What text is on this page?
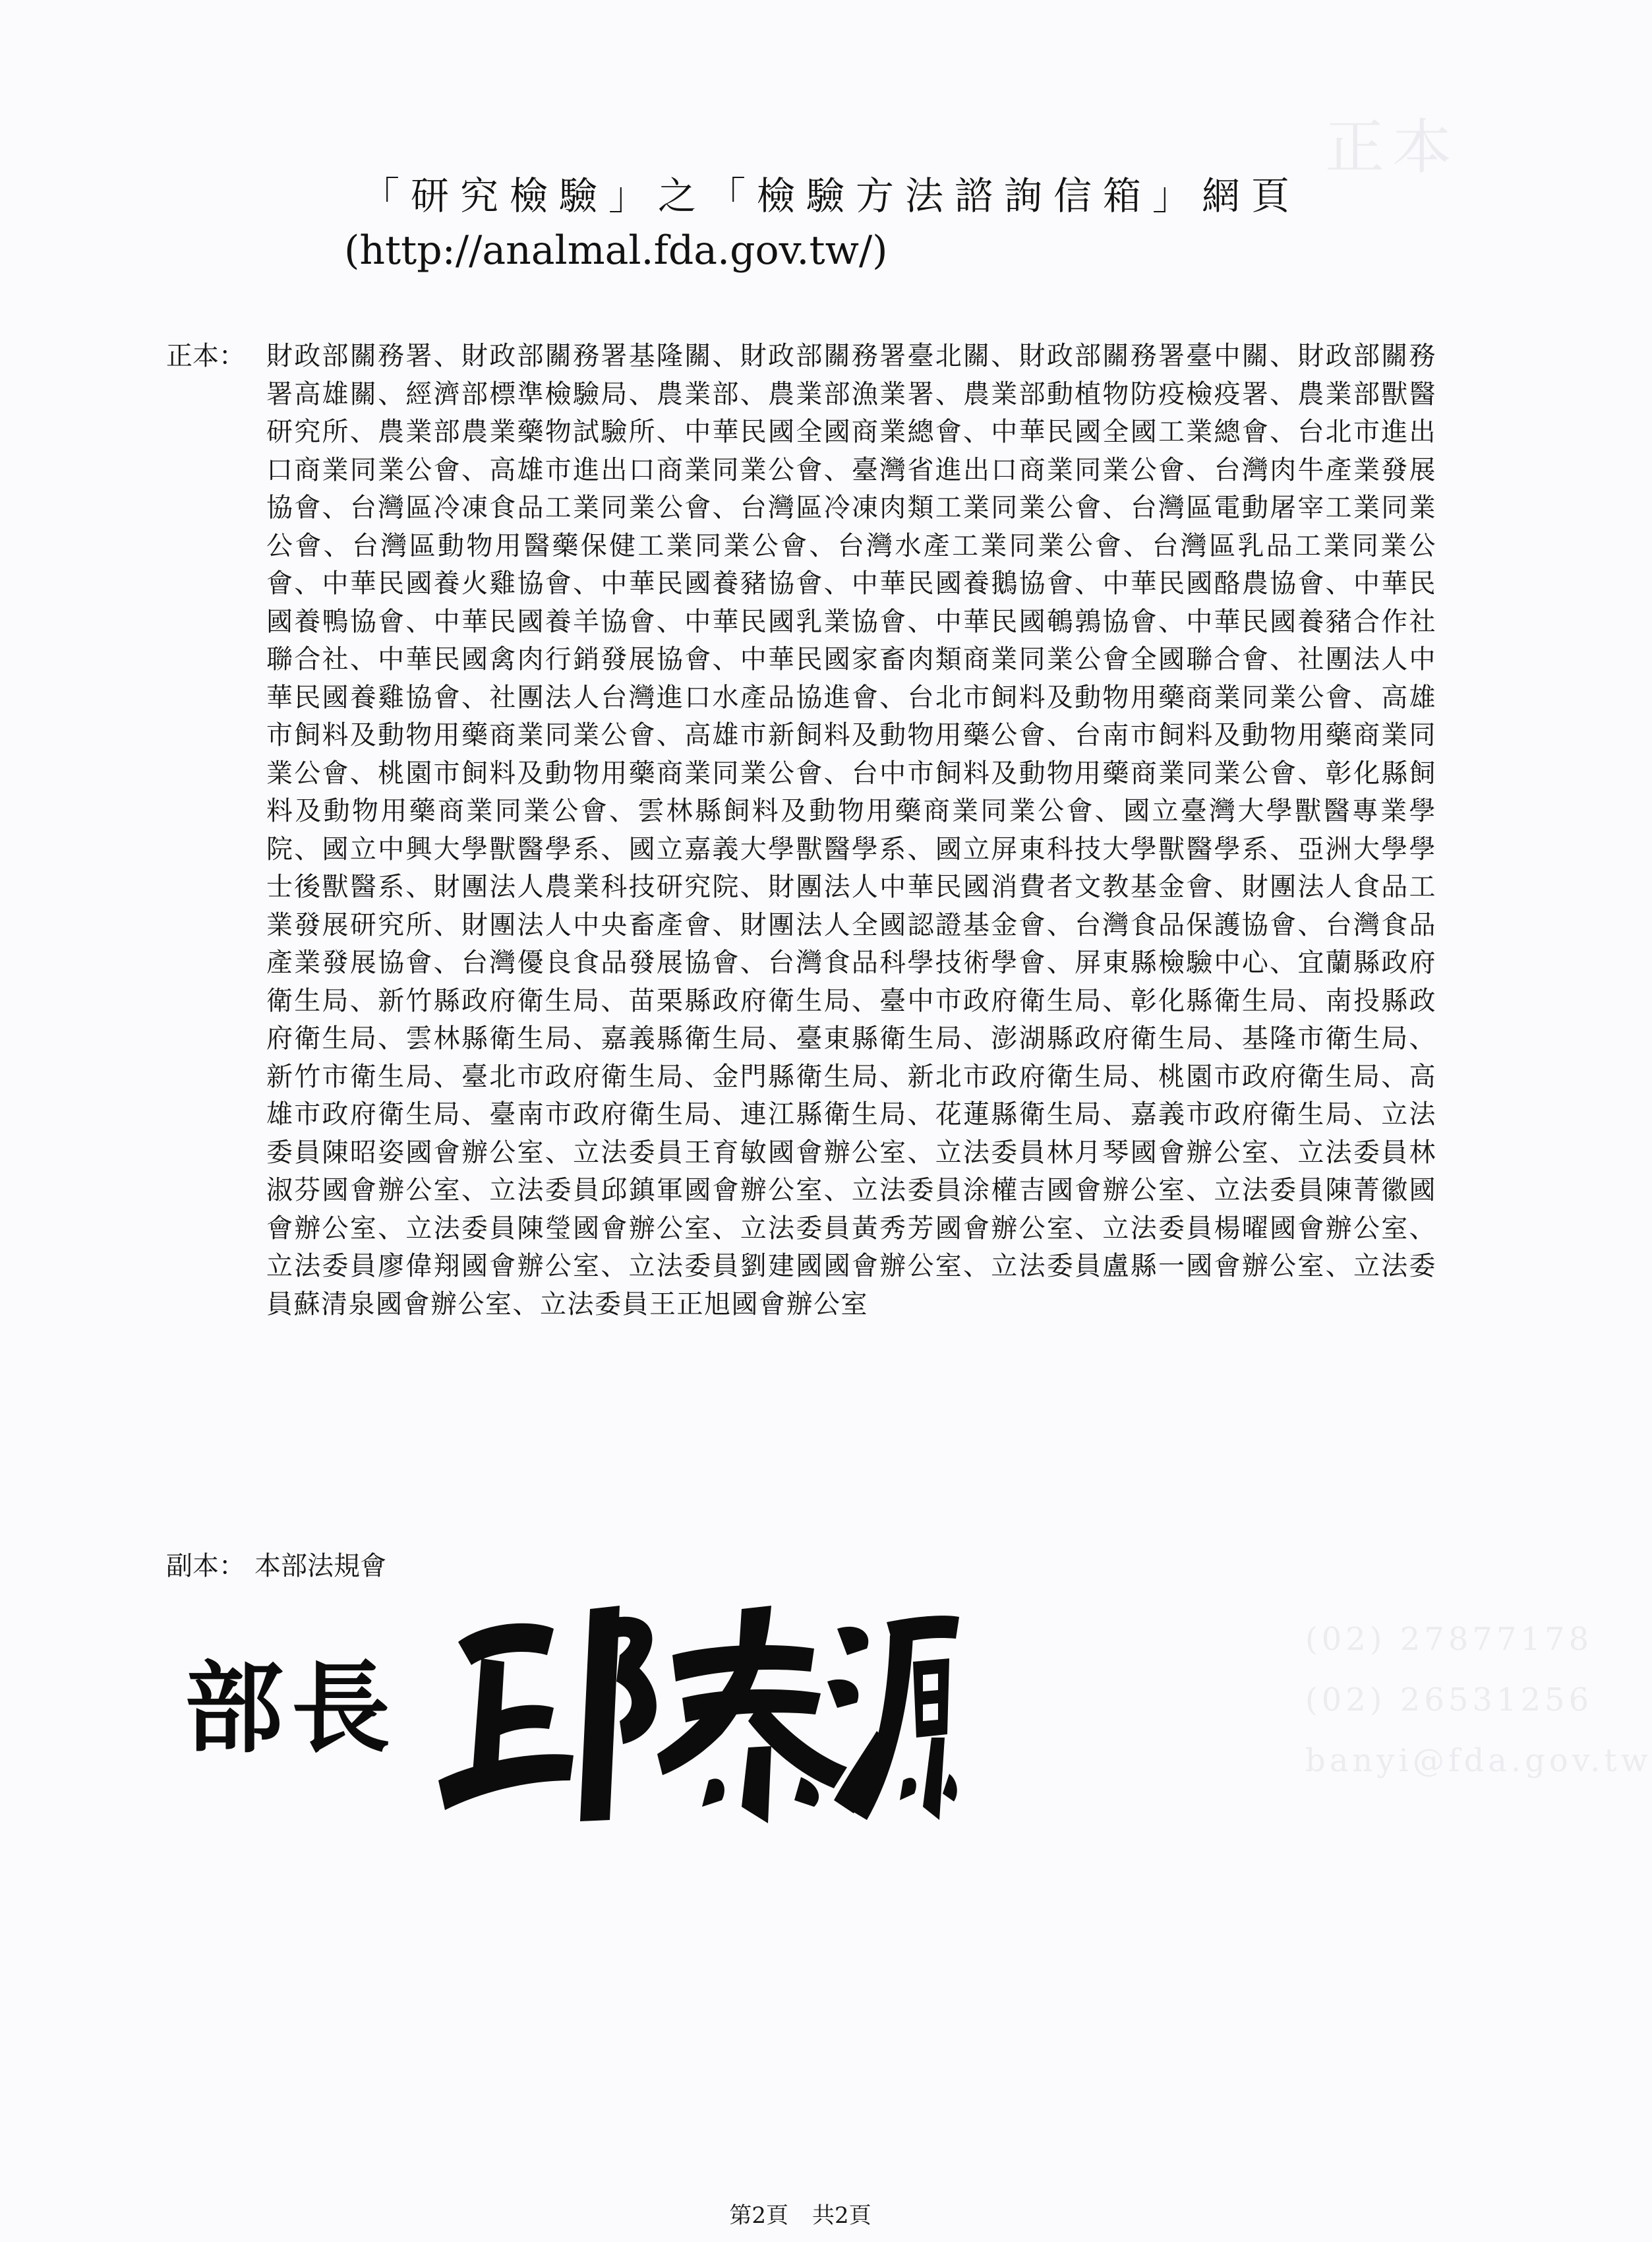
正本
(02) 27877178
(02) 26531256
banyi@fda.gov.tw
「研究檢驗」之「檢驗方法諮詢信箱」網頁
(http://analmal.fda.gov.tw/)
正本： 財政部關務署、財政部關務署基隆關、財政部關務署臺北關、財政部關務署臺中關、財政部關務署高雄關、經濟部標準檢驗局、農業部、農業部漁業署、農業部動植物防疫檢疫署、農業部獸醫研究所、農業部農業藥物試驗所、中華民國全國商業總會、中華民國全國工業總會、台北市進出口商業同業公會、高雄市進出口商業同業公會、臺灣省進出口商業同業公會、台灣肉牛產業發展協會、台灣區冷凍食品工業同業公會、台灣區冷凍肉類工業同業公會、台灣區電動屠宰工業同業公會、台灣區動物用醫藥保健工業同業公會、台灣水產工業同業公會、台灣區乳品工業同業公會、中華民國養火雞協會、中華民國養豬協會、中華民國養鵝協會、中華民國酪農協會、中華民國養鴨協會、中華民國養羊協會、中華民國乳業協會、中華民國鵪鶉協會、中華民國養豬合作社聯合社、中華民國禽肉行銷發展協會、中華民國家畜肉類商業同業公會全國聯合會、社團法人中華民國養雞協會、社團法人台灣進口水產品協進會、台北市飼料及動物用藥商業同業公會、高雄市飼料及動物用藥商業同業公會、高雄市新飼料及動物用藥公會、台南市飼料及動物用藥商業同業公會、桃園市飼料及動物用藥商業同業公會、台中市飼料及動物用藥商業同業公會、彰化縣飼料及動物用藥商業同業公會、雲林縣飼料及動物用藥商業同業公會、國立臺灣大學獸醫專業學院、國立中興大學獸醫學系、國立嘉義大學獸醫學系、國立屏東科技大學獸醫學系、亞洲大學學士後獸醫系、財團法人農業科技研究院、財團法人中華民國消費者文教基金會、財團法人食品工業發展研究所、財團法人中央畜產會、財團法人全國認證基金會、台灣食品保護協會、台灣食品產業發展協會、台灣優良食品發展協會、台灣食品科學技術學會、屏東縣檢驗中心、宜蘭縣政府衛生局、新竹縣政府衛生局、苗栗縣政府衛生局、臺中市政府衛生局、彰化縣衛生局、南投縣政府衛生局、雲林縣衛生局、嘉義縣衛生局、臺東縣衛生局、澎湖縣政府衛生局、基隆市衛生局、新竹市衛生局、臺北市政府衛生局、金門縣衛生局、新北市政府衛生局、桃園市政府衛生局、高雄市政府衛生局、臺南市政府衛生局、連江縣衛生局、花蓮縣衛生局、嘉義市政府衛生局、立法委員陳昭姿國會辦公室、立法委員王育敏國會辦公室、立法委員林月琴國會辦公室、立法委員林淑芬國會辦公室、立法委員邱鎮軍國會辦公室、立法委員涂權吉國會辦公室、立法委員陳菁徽國會辦公室、立法委員陳瑩國會辦公室、立法委員黃秀芳國會辦公室、立法委員楊曜國會辦公室、立法委員廖偉翔國會辦公室、立法委員劉建國國會辦公室、立法委員盧縣一國會辦公室、立法委員蘇清泉國會辦公室、立法委員王正旭國會辦公室
副本： 本部法規會
部長
第2頁 共2頁
